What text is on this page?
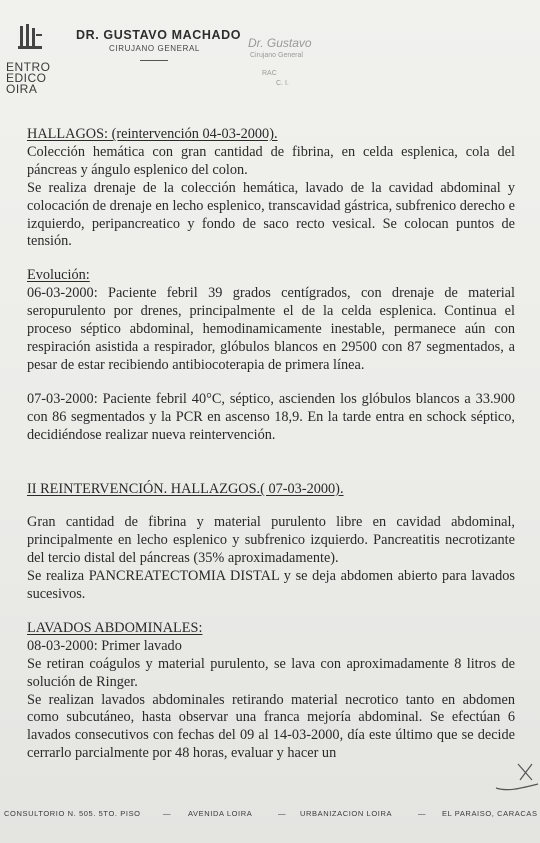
ENTRO
EDICO
OIRA
DR. GUSTAVO MACHADO
CIRUJANO GENERAL	Dr. Gustavo
Cirujano General
RAC
C. I.

HALLAGOS: (reintervención 04-03-2000).

Colección hemática con gran cantidad de fibrina, en celda esplenica, cola del páncreas y ángulo esplenico del colon.

Se realiza drenaje de la colección hemática, lavado de la cavidad abdominal y colocación de drenaje en lecho esplenico, transcavidad gástrica, subfrenico derecho e izquierdo, peripancreatico y fondo de saco recto vesical. Se colocan puntos de tensión.

Evolución:

06-03-2000: Paciente febril 39 grados centígrados, con drenaje de material seropurulento por drenes, principalmente el de la celda esplenica. Continua el proceso séptico abdominal, hemodinamicamente inestable, permanece aún con respiración asistida a respirador, glóbulos blancos en 29500 con 87 segmentados, a pesar de estar recibiendo antibiocoterapia de primera línea.

07-03-2000: Paciente febril 40°C, séptico, ascienden los glóbulos blancos a 33.900 con 86 segmentados y la PCR en ascenso 18,9. En la tarde entra en schock séptico, decidiéndose realizar nueva reintervención.

II REINTERVENCIÓN. HALLAZGOS.( 07-03-2000).

Gran cantidad de fibrina y material purulento libre en cavidad abdominal, principalmente en lecho esplenico y subfrenico izquierdo. Pancreatitis necrotizante del tercio distal del páncreas (35% aproximadamente).

Se realiza PANCREATECTOMIA DISTAL y se deja abdomen abierto para lavados sucesivos.

LAVADOS ABDOMINALES:

08-03-2000: Primer lavado

Se retiran coágulos y material purulento, se lava con aproximadamente 8 litros de solución de Ringer.

Se realizan lavados abdominales retirando material necrotico tanto en abdomen como subcutáneo, hasta observar una franca mejoría abdominal. Se efectúan 6 lavados consecutivos con fechas del 09 al 14-03-2000, día este último que se decide cerrarlo parcialmente por 48 horas, evaluar y hacer un

CONSULTORIO N. 505. 5TO. PISO	— AVENIDA LOIRA	— URBANIZACION LOIRA	— EL PARAISO, CARACAS
